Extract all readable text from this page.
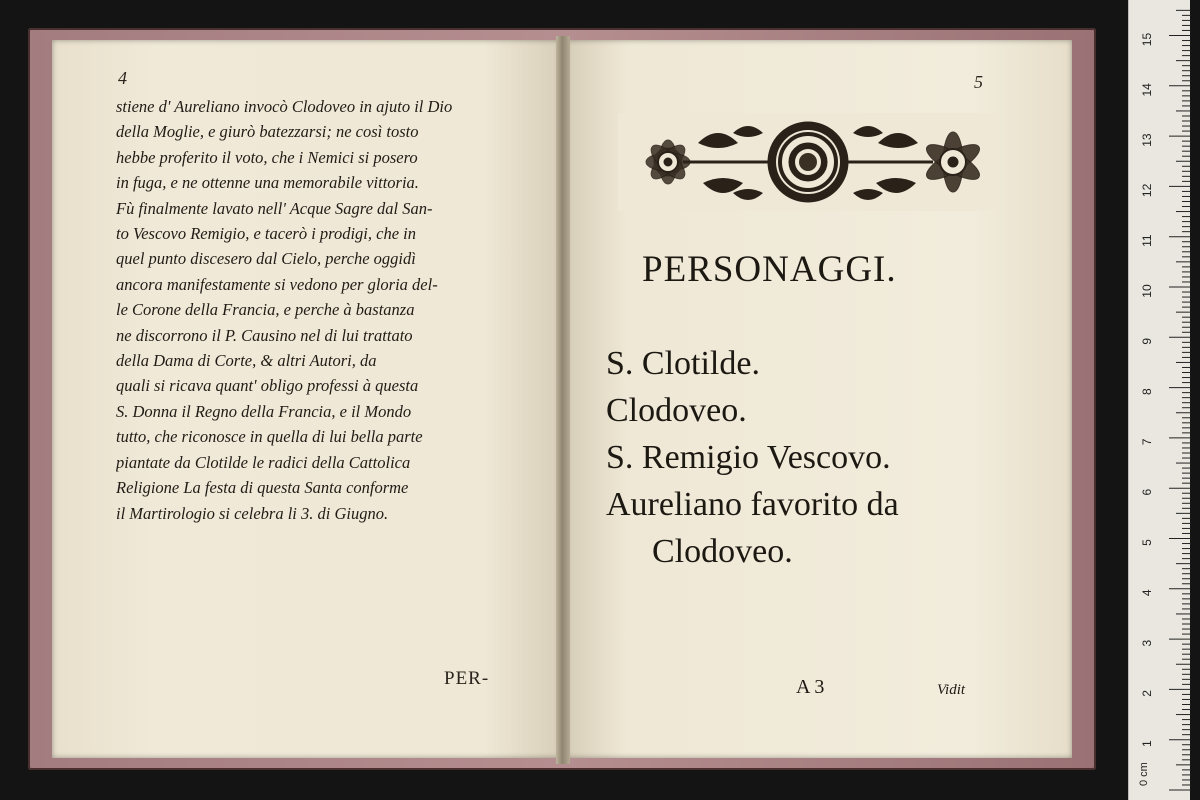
4
stiene d' Aureliano invocò Clodoveo in ajuto il Dio
della Moglie, e giurò batezzarsi; ne così tosto
hebbe proferito il voto, che i Nemici si posero
in fuga, e ne ottenne una memorabile vittoria.
Fù finalmente lavato nell' Acque Sagre dal San-
to Vescovo Remigio, e tacerò i prodigi, che in
quel punto discesero dal Cielo, perche oggidì
ancora manifestamente si vedono per gloria del-
le Corone della Francia, e perche à bastanza
ne discorrono il P. Causino nel di lui trattato
della Dama di Corte, & altri Autori, da
quali si ricava quant' obligo professi à questa
S. Donna il Regno della Francia, e il Mondo
tutto, che riconosce in quella di lui bella parte
piantate da Clotilde le radici della Cattolica
Religione La festa di questa Santa conforme
il Martirologio si celebra li 3. di Giugno.
PER-
5
PERSONAGGI.
S. Clotilde.
Clodoveo.
S. Remigio Vescovo.
Aureliano favorito da
Clodoveo.
A 3	Vidit
0 cm
1
2
3
4
5
6
7
8
9
10
11
12
13
14
15
